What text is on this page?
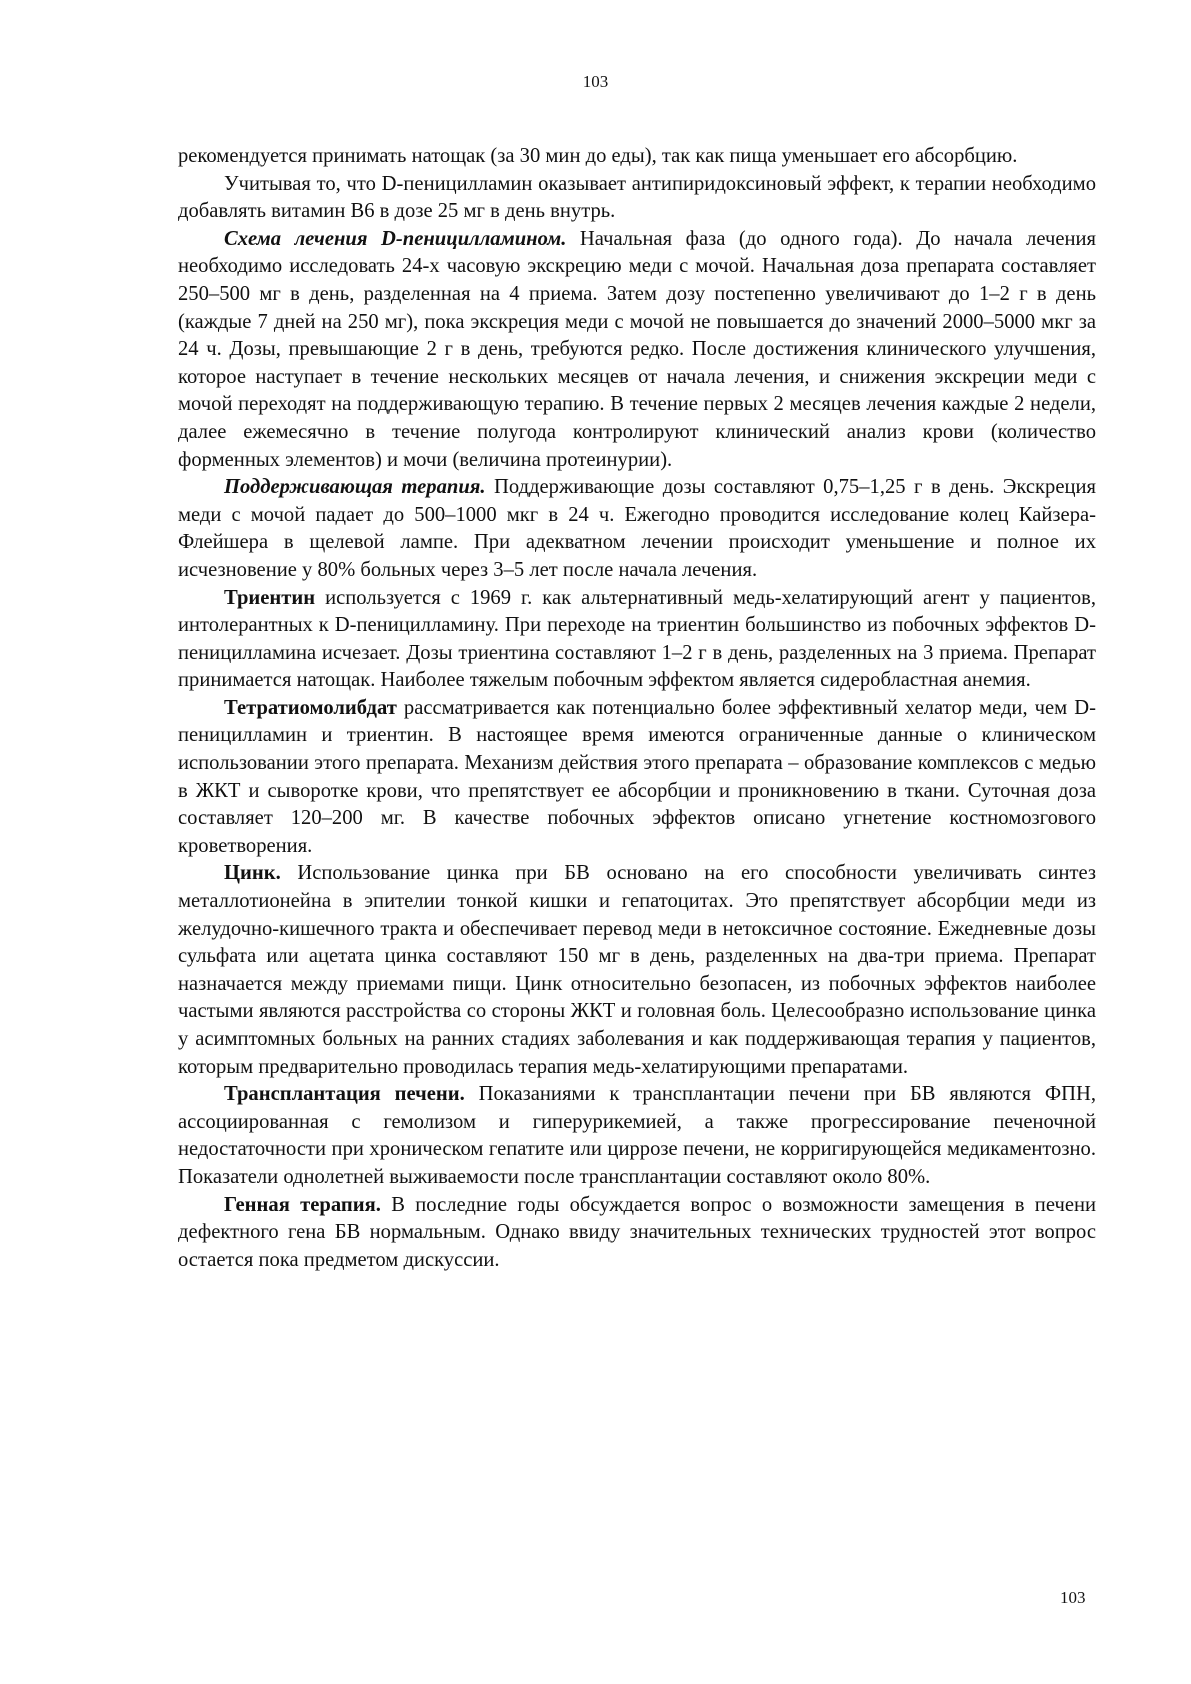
103

рекомендуется принимать натощак (за 30 мин до еды), так как пища уменьшает его абсорбцию.

Учитывая то, что D-пеницилламин оказывает антипиридоксиновый эффект, к терапии необходимо добавлять витамин В6 в дозе 25 мг в день внутрь.

Схема лечения D-пеницилламином. Начальная фаза (до одного года). До начала лечения необходимо исследовать 24-х часовую экскрецию меди с мочой. Начальная доза препарата составляет 250–500 мг в день, разделенная на 4 приема. Затем дозу постепенно увеличивают до 1–2 г в день (каждые 7 дней на 250 мг), пока экскреция меди с мочой не повышается до значений 2000–5000 мкг за 24 ч. Дозы, превышающие 2 г в день, требуются редко. После достижения клинического улучшения, которое наступает в течение нескольких месяцев от начала лечения, и снижения экскреции меди с мочой переходят на поддерживающую терапию. В течение первых 2 месяцев лечения каждые 2 недели, далее ежемесячно в течение полугода контролируют клинический анализ крови (количество форменных элементов) и мочи (величина протеинурии).

Поддерживающая терапия. Поддерживающие дозы составляют 0,75–1,25 г в день. Экскреция меди с мочой падает до 500–1000 мкг в 24 ч. Ежегодно проводится исследование колец Кайзера-Флейшера в щелевой лампе. При адекватном лечении происходит уменьшение и полное их исчезновение у 80% больных через 3–5 лет после начала лечения.

Триентин используется с 1969 г. как альтернативный медь-хелатирующий агент у пациентов, интолерантных к D-пеницилламину. При переходе на триентин большинство из побочных эффектов D-пеницилламина исчезает. Дозы триентина составляют 1–2 г в день, разделенных на 3 приема. Препарат принимается натощак. Наиболее тяжелым побочным эффектом является сидеробластная анемия.

Тетратиомолибдат рассматривается как потенциально более эффективный хелатор меди, чем D-пеницилламин и триентин. В настоящее время имеются ограниченные данные о клиническом использовании этого препарата. Механизм действия этого препарата – образование комплексов с медью в ЖКТ и сыворотке крови, что препятствует ее абсорбции и проникновению в ткани. Суточная доза составляет 120–200 мг. В качестве побочных эффектов описано угнетение костномозгового кроветворения.

Цинк. Использование цинка при БВ основано на его способности увеличивать синтез металлотионейна в эпителии тонкой кишки и гепатоцитах. Это препятствует абсорбции меди из желудочно-кишечного тракта и обеспечивает перевод меди в нетоксичное состояние. Ежедневные дозы сульфата или ацетата цинка составляют 150 мг в день, разделенных на два-три приема. Препарат назначается между приемами пищи. Цинк относительно безопасен, из побочных эффектов наиболее частыми являются расстройства со стороны ЖКТ и головная боль. Целесообразно использование цинка у асимптомных больных на ранних стадиях заболевания и как поддерживающая терапия у пациентов, которым предварительно проводилась терапия медь-хелатирующими препаратами.

Трансплантация печени. Показаниями к трансплантации печени при БВ являются ФПН, ассоциированная с гемолизом и гиперурикемией, а также прогрессирование печеночной недостаточности при хроническом гепатите или циррозе печени, не корригирующейся медикаментозно. Показатели однолетней выживаемости после трансплантации составляют около 80%.

Генная терапия. В последние годы обсуждается вопрос о возможности замещения в печени дефектного гена БВ нормальным. Однако ввиду значительных технических трудностей этот вопрос остается пока предметом дискуссии.

103
